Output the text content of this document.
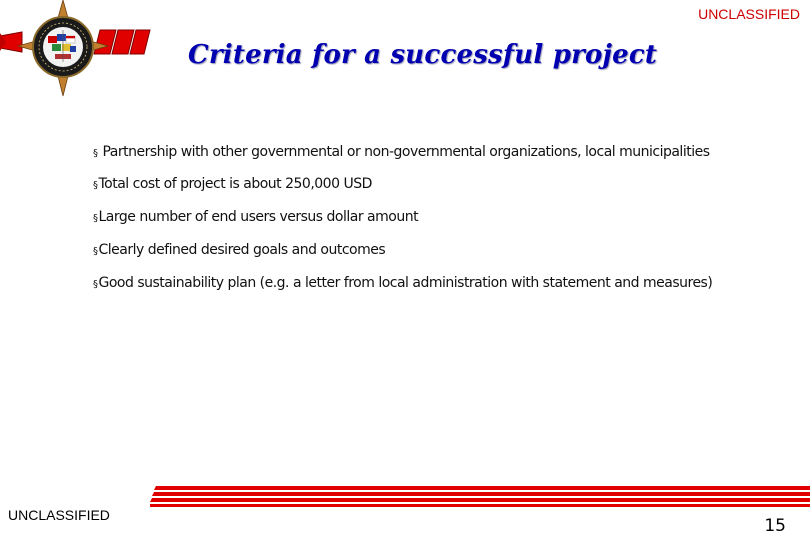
UNCLASSIFIED
Criteria for a successful project
§ Partnership with other governmental or non-governmental organizations, local municipalities
§Total cost of project is about 250,000 USD
§Large number of end users versus dollar amount
§Clearly defined desired goals and outcomes
§Good sustainability plan (e.g. a letter from local administration with statement and measures)
UNCLASSIFIED
15
